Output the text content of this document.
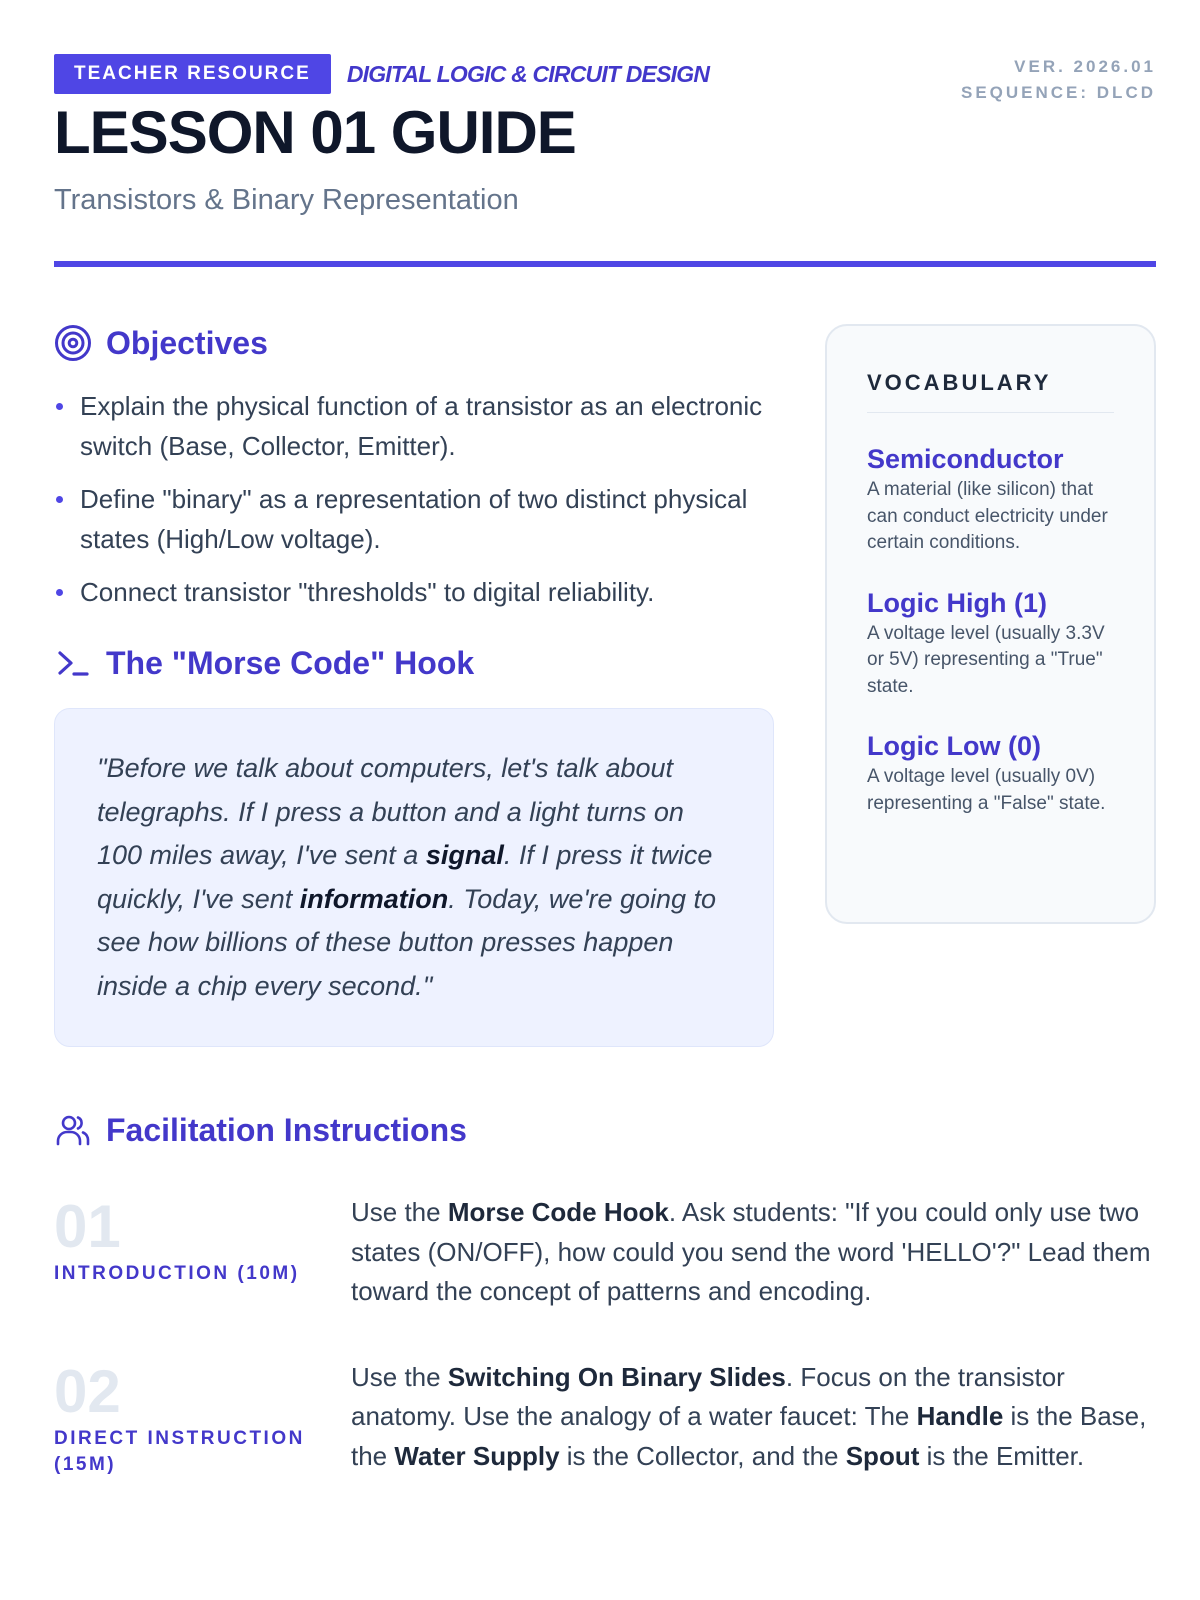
TEACHER RESOURCE	DIGITAL LOGIC & CIRCUIT DESIGN	VER. 2026.01
SEQUENCE: DLCD
LESSON 01 GUIDE
Transistors & Binary Representation
Objectives
Explain the physical function of a transistor as an electronic switch (Base, Collector, Emitter).
Define "binary" as a representation of two distinct physical states (High/Low voltage).
Connect transistor "thresholds" to digital reliability.
The "Morse Code" Hook
"Before we talk about computers, let's talk about telegraphs. If I press a button and a light turns on 100 miles away, I've sent a signal. If I press it twice quickly, I've sent information. Today, we're going to see how billions of these button presses happen inside a chip every second."
VOCABULARY
Semiconductor
A material (like silicon) that can conduct electricity under certain conditions.
Logic High (1)
A voltage level (usually 3.3V or 5V) representing a "True" state.
Logic Low (0)
A voltage level (usually 0V) representing a "False" state.
Facilitation Instructions
01
INTRODUCTION (10M)
Use the Morse Code Hook. Ask students: "If you could only use two states (ON/OFF), how could you send the word 'HELLO'?" Lead them toward the concept of patterns and encoding.
02
DIRECT INSTRUCTION (15M)
Use the Switching On Binary Slides. Focus on the transistor anatomy. Use the analogy of a water faucet: The Handle is the Base, the Water Supply is the Collector, and the Spout is the Emitter.
